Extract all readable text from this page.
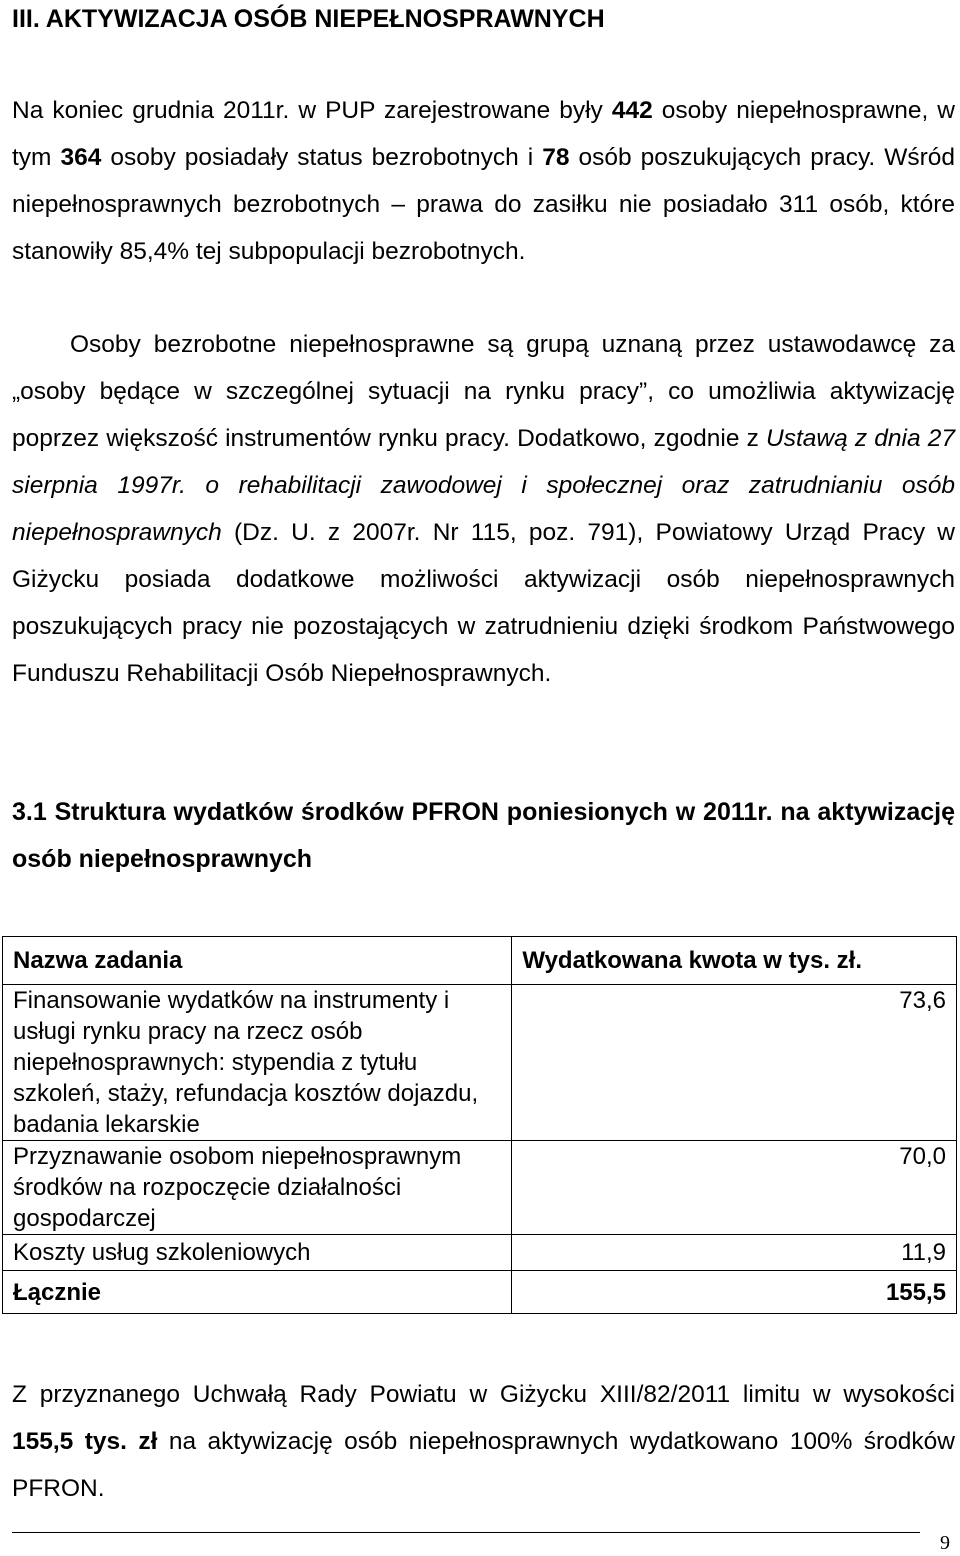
III. AKTYWIZACJA OSÓB NIEPEŁNOSPRAWNYCH
Na koniec grudnia 2011r. w PUP zarejestrowane były 442 osoby niepełnosprawne, w tym 364 osoby posiadały status bezrobotnych i 78 osób poszukujących pracy. Wśród niepełnosprawnych bezrobotnych – prawa do zasiłku nie posiadało 311 osób, które stanowiły 85,4% tej subpopulacji bezrobotnych.
Osoby bezrobotne niepełnosprawne są grupą uznaną przez ustawodawcę za „osoby będące w szczególnej sytuacji na rynku pracy”, co umożliwia aktywizację poprzez większość instrumentów rynku pracy. Dodatkowo, zgodnie z Ustawą z dnia 27 sierpnia 1997r. o rehabilitacji zawodowej i społecznej oraz zatrudnianiu osób niepełnosprawnych (Dz. U. z 2007r. Nr 115, poz. 791), Powiatowy Urząd Pracy w Giżycku posiada dodatkowe możliwości aktywizacji osób niepełnosprawnych poszukujących pracy nie pozostających w zatrudnieniu dzięki środkom Państwowego Funduszu Rehabilitacji Osób Niepełnosprawnych.
3.1 Struktura wydatków środków PFRON poniesionych w 2011r. na aktywizację osób niepełnosprawnych
Nazwa zadania	Wydatkowana kwota w tys. zł.
Finansowanie wydatków na instrumenty i usługi rynku pracy na rzecz osób niepełnosprawnych: stypendia z tytułu szkoleń, staży, refundacja kosztów dojazdu, badania lekarskie	73,6
Przyznawanie osobom niepełnosprawnym środków na rozpoczęcie działalności gospodarczej	70,0
Koszty usług szkoleniowych	11,9
Łącznie	155,5
Z przyznanego Uchwałą Rady Powiatu w Giżycku XIII/82/2011 limitu w wysokości 155,5 tys. zł na aktywizację osób niepełnosprawnych wydatkowano 100% środków PFRON.
9
